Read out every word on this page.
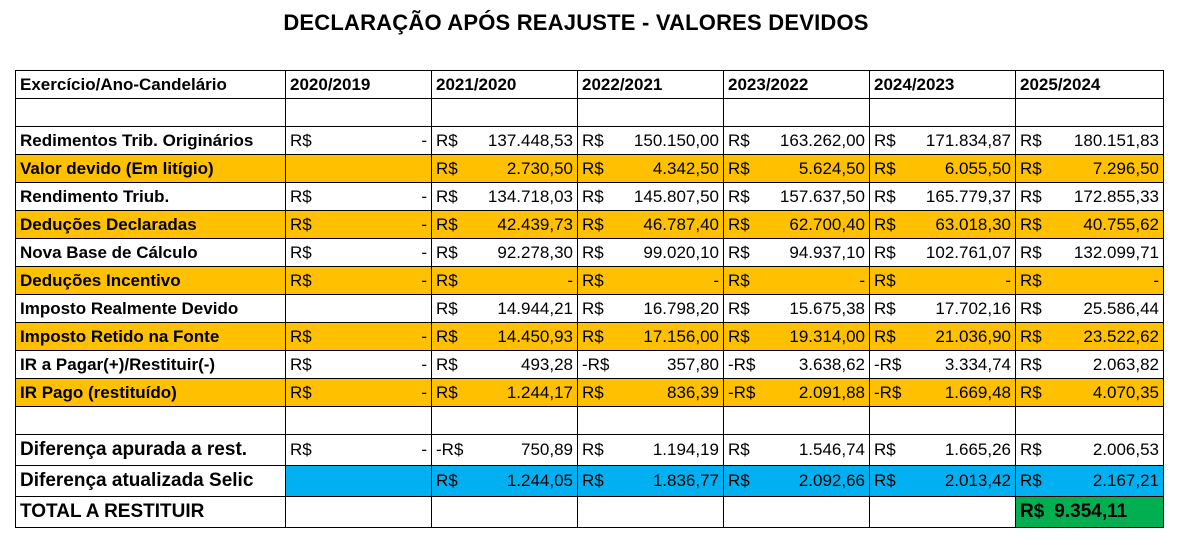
DECLARAÇÃO APÓS REAJUSTE - VALORES DEVIDOS
Exercício/Ano-Candelário	2020/2019	2021/2020	2022/2021	2023/2022	2024/2023	2025/2024

Redimentos Trib. Originários	R$ -	R$ 137.448,53	R$ 150.150,00	R$ 163.262,00	R$ 171.834,87	R$ 180.151,83

Valor devido (Em litígio)		R$ 2.730,50	R$ 4.342,50	R$ 5.624,50	R$ 6.055,50	R$ 7.296,50

Rendimento Triub.	R$ -	R$ 134.718,03	R$ 145.807,50	R$ 157.637,50	R$ 165.779,37	R$ 172.855,33

Deduções Declaradas	R$ -	R$ 42.439,73	R$ 46.787,40	R$ 62.700,40	R$ 63.018,30	R$ 40.755,62

Nova Base de Cálculo	R$ -	R$ 92.278,30	R$ 99.020,10	R$ 94.937,10	R$ 102.761,07	R$ 132.099,71

Deduções Incentivo	R$ -	R$ -	R$ -	R$ -	R$ -	R$ -

Imposto Realmente Devido		R$ 14.944,21	R$ 16.798,20	R$ 15.675,38	R$ 17.702,16	R$ 25.586,44

Imposto Retido na Fonte	R$ -	R$ 14.450,93	R$ 17.156,00	R$ 19.314,00	R$ 21.036,90	R$ 23.522,62

IR a Pagar(+)/Restituir(-)	R$ -	R$ 493,28	-R$ 357,80	-R$ 3.638,62	-R$ 3.334,74	R$ 2.063,82

IR Pago (restituído)	R$ -	R$ 1.244,17	R$ 836,39	-R$ 2.091,88	-R$ 1.669,48	R$ 4.070,35

Diferença apurada a rest.	R$ -	-R$ 750,89	R$ 1.194,19	R$ 1.546,74	R$ 1.665,26	R$ 2.006,53

Diferença atualizada Selic		R$ 1.244,05	R$ 1.836,77	R$ 2.092,66	R$ 2.013,42	R$ 2.167,21

TOTAL A RESTITUIR						R$ 9.354,11
